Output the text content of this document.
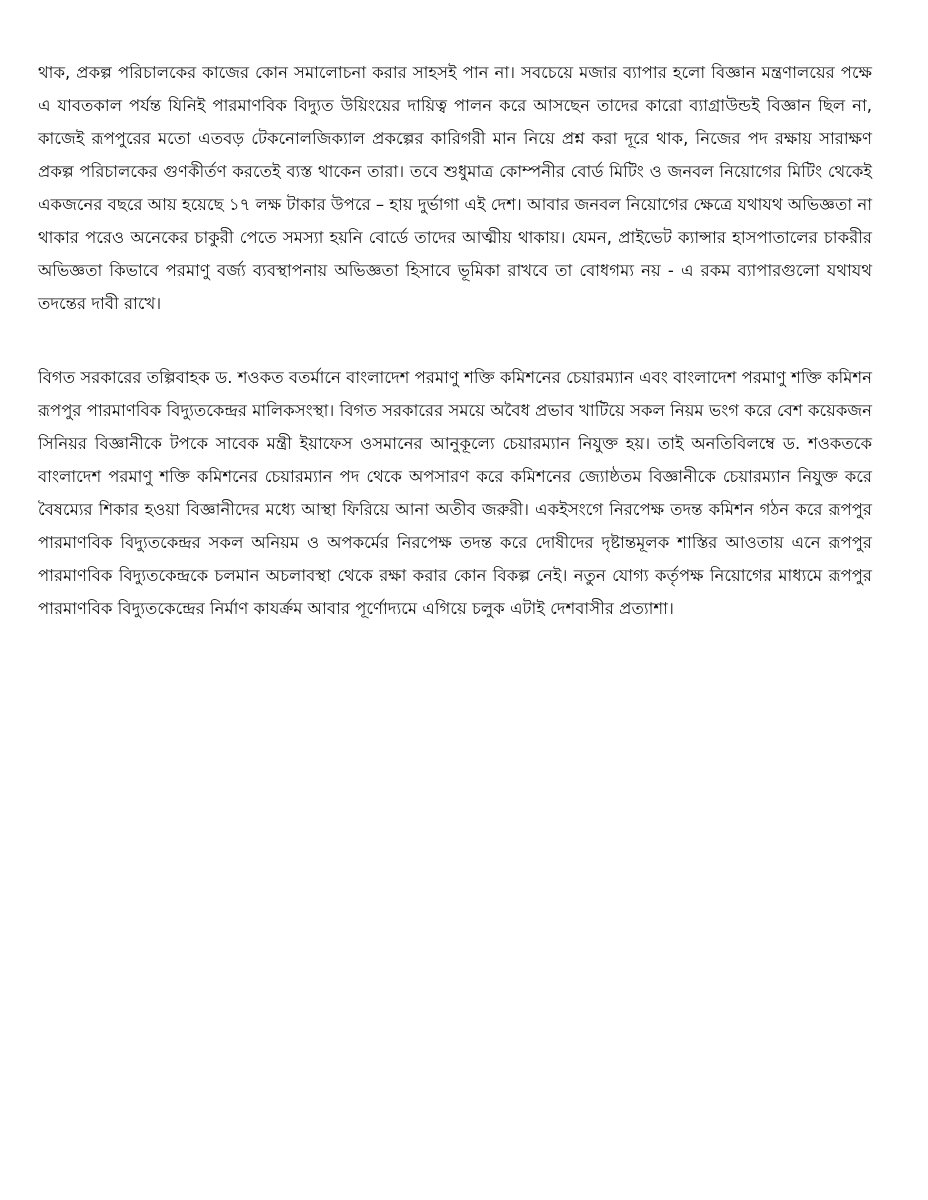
থাক, প্রকল্প পরিচালকের কাজের কোন সমালোচনা করার সাহসই পান না। সবচেয়ে মজার ব্যাপার হলো বিজ্ঞান মন্ত্রণালয়ের পক্ষে এ যাবতকাল পর্যন্ত যিনিই পারমাণবিক বিদ্যুত উয়িংয়ের দায়িত্ব পালন করে আসছেন তাদের কারো ব্যাগ্রাউন্ডই বিজ্ঞান ছিল না, কাজেই রূপপুরের মতো এতবড় টেকনোলজিক্যাল প্রকল্পের কারিগরী মান নিয়ে প্রশ্ন করা দূরে থাক, নিজের পদ রক্ষায় সারাক্ষণ প্রকল্প পরিচালকের গুণকীর্তণ করতেই ব্যস্ত থাকেন তারা। তবে শুধুমাত্র কোম্পনীর বোর্ড মিটিং ও জনবল নিয়োগের মিটিং থেকেই একজনের বছরে আয় হয়েছে ১৭ লক্ষ টাকার উপরে – হায় দুর্ভাগা এই দেশ। আবার জনবল নিয়োগের ক্ষেত্রে যথাযথ অভিজ্ঞতা না থাকার পরেও অনেকের চাকুরী পেতে সমস্যা হয়নি বোর্ডে তাদের আত্মীয় থাকায়। যেমন, প্রাইভেট ক্যান্সার হাসপাতালের চাকরীর অভিজ্ঞতা কিভাবে পরমাণু বর্জ্য ব্যবস্থাপনায় অভিজ্ঞতা হিসাবে ভূমিকা রাখবে তা বোধগম্য নয় - এ রকম ব্যাপারগুলো যথাযথ তদন্তের দাবী রাখে।

বিগত সরকারের তল্পিবাহক ড. শওকত বতর্মানে বাংলাদেশ পরমাণু শক্তি কমিশনের চেয়ারম্যান এবং বাংলাদেশ পরমাণু শক্তি কমিশন রূপপুর পারমাণবিক বিদ্যুতকেন্দ্রর মালিকসংস্থা। বিগত সরকারের সময়ে অবৈধ প্রভাব খাটিয়ে সকল নিয়ম ভংগ করে বেশ কয়েকজন সিনিয়র বিজ্ঞানীকে টপকে সাবেক মন্ত্রী ইয়াফেস ওসমানের আনুকূল্যে চেয়ারম্যান নিযুক্ত হয়। তাই অনতিবিলম্বে ড. শওকতকে বাংলাদেশ পরমাণু শক্তি কমিশনের চেয়ারম্যান পদ থেকে অপসারণ করে কমিশনের জ্যোষ্ঠতম বিজ্ঞানীকে চেয়ারম্যান নিযুক্ত করে বৈষম্যের শিকার হওয়া বিজ্ঞানীদের মধ্যে আস্থা ফিরিয়ে আনা অতীব জরুরী। একইসংগে নিরপেক্ষ তদন্ত কমিশন গঠন করে রূপপুর পারমাণবিক বিদ্যুতকেন্দ্রর সকল অনিয়ম ও অপকর্মের নিরপেক্ষ তদন্ত করে দোষীদের দৃষ্টান্তমূলক শাস্তির আওতায় এনে রূপপুর পারমাণবিক বিদ্যুতকেন্দ্রকে চলমান অচলাবস্থা থেকে রক্ষা করার কোন বিকল্প নেই। নতুন যোগ্য কর্তৃপক্ষ নিয়োগের মাধ্যমে রূপপুর পারমাণবিক বিদ্যুতকেন্দ্রের নির্মাণ কাযর্ক্রম আবার পূর্ণোদ্যমে এগিয়ে চলুক এটাই দেশবাসীর প্রত্যাশা।
